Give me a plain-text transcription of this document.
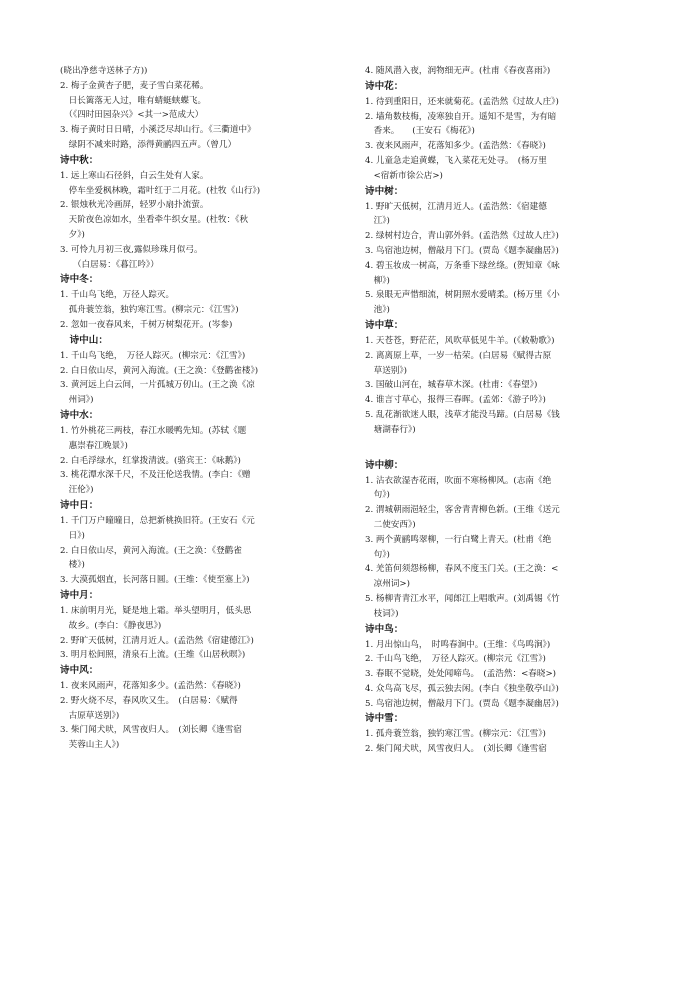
(晓出净慈寺送林子方))
2. 梅子金黄杏子肥，麦子雪白菜花稀。
　日长篱落无人过，唯有蜻蜓蛱蝶飞。
　（《四时田园杂兴》<其一>范成大）
3. 梅子黄时日日晴，小溪泛尽却山行。《三衢道中》
　绿阴不减来时路，添得黄鹂四五声。（曾几）
诗中秋：
1. 远上寒山石径斜，白云生处有人家。
　停车坐爱枫林晚，霜叶红于二月花。(杜牧《山行》)
2. 银烛秋光冷画屏，轻罗小扇扑流萤。
　天阶夜色凉如水，坐看牵牛织女星。(杜牧：《秋
　夕》)
3. 可怜九月初三夜,露似珍珠月似弓。
　　（白居易：《暮江吟》）
诗中冬：
1. 千山鸟飞绝，万径人踪灭。
　孤舟蓑笠翁，独钓寒江雪。(柳宗元：《江雪》)
2. 忽如一夜春风来，千树万树梨花开。(岑参)
　诗中山：
1. 千山鸟飞绝，　万径人踪灭。(柳宗元：《江雪》)
2. 白日依山尽，黄河入海流。(王之涣：《登鹳雀楼》)
3. 黄河远上白云间，一片孤城万仞山。(王之涣《凉
　州词》)
诗中水：
1. 竹外桃花三两枝，春江水暖鸭先知。(苏轼《题
　惠崇春江晚景》)
2. 白毛浮绿水，红掌拨清波。(骆宾王：《咏鹅》)
3. 桃花潭水深千尺，不及汪伦送我情。(李白：《赠
　汪伦》)
诗中日：
1. 千门万户曈曈日，总把新桃换旧符。(王安石《元
　日》)
2. 白日依山尽，黄河入海流。(王之涣：《登鹳雀
　楼》)
3. 大漠孤烟直，长河落日圆。(王维：《使至塞上》)
诗中月：
1. 床前明月光，疑是地上霜。举头望明月，低头思
　故乡。(李白：《静夜思》)
2. 野旷天低树，江清月近人。(孟浩然《宿建德江》)
3. 明月松间照，清泉石上流。(王维《山居秋暝》)
诗中风：
1. 夜来风雨声，花落知多少。(孟浩然：《春晓》)
2. 野火烧不尽，春风吹又生。　(白居易：《赋得
　古原草送别》)
3. 柴门闻犬吠，风雪夜归人。　(刘长卿《逢雪宿
　芙蓉山主人》)
4. 随风潜入夜，润物细无声。(杜甫《春夜喜雨》)
诗中花：
1. 待到重阳日，还来就菊花。(孟浩然《过故人庄》)
2. 墙角数枝梅，凌寒独自开。遥知不是雪，为有暗
　香来。　　(王安石《梅花》)
3. 夜来风雨声，花落知多少。(孟浩然：《春晓》)
4. 儿童急走追黄蝶，飞入菜花无处寻。　(杨万里
　<宿新市徐公店>)
诗中树：
1. 野旷天低树，江清月近人。(孟浩然：《宿建德
　江》)
2. 绿树村边合，青山郭外斜。(孟浩然《过故人庄》)
3. 鸟宿池边树，僧敲月下门。(贾岛《题李凝幽居》)
4. 碧玉妆成一树高，万条垂下绿丝绦。(贺知章《咏
　柳》)
5. 泉眼无声惜细流，树阴照水爱晴柔。(杨万里《小
　池》)
诗中草：
1. 天苍苍，野茫茫，风吹草低见牛羊。(《敕勒歌》)
2. 离离原上草，一岁一枯荣。(白居易《赋得古原
　草送别》)
3. 国破山河在，城春草木深。(杜甫：《春望》)
4. 谁言寸草心，报得三春晖。(孟郊：《游子吟》)
5. 乱花渐欲迷人眼，浅草才能没马蹄。(白居易《钱
　塘湖春行》)
诗中柳：
1. 沾衣欲湿杏花雨，吹面不寒杨柳风。(志南《绝
　句》)
2. 渭城朝雨浥轻尘，客舍青青柳色新。(王维《送元
　二使安西》)
3. 两个黄鹂鸣翠柳，一行白鹭上青天。(杜甫《绝
　句》)
4. 羌笛何须怨杨柳，春风不度玉门关。(王之涣：<
　凉州词>)
5. 杨柳青青江水平，闻郎江上唱歌声。(刘禹锡《竹
　枝词》)
诗中鸟：
1. 月出惊山鸟，　时鸣春涧中。(王维：《鸟鸣涧》)
2. 千山鸟飞绝，　万径人踪灭。(柳宗元《江雪》)
3. 春眠不觉晓，处处闻啼鸟。　(孟浩然：<春晓>)
4. 众鸟高飞尽，孤云独去闲。(李白《独坐敬亭山》)
5. 鸟宿池边树，僧敲月下门。(贾岛《题李凝幽居》)
诗中雪：
1. 孤舟蓑笠翁，独钓寒江雪。(柳宗元：《江雪》)
2. 柴门闻犬吠，风雪夜归人。　(刘长卿《逢雪宿
